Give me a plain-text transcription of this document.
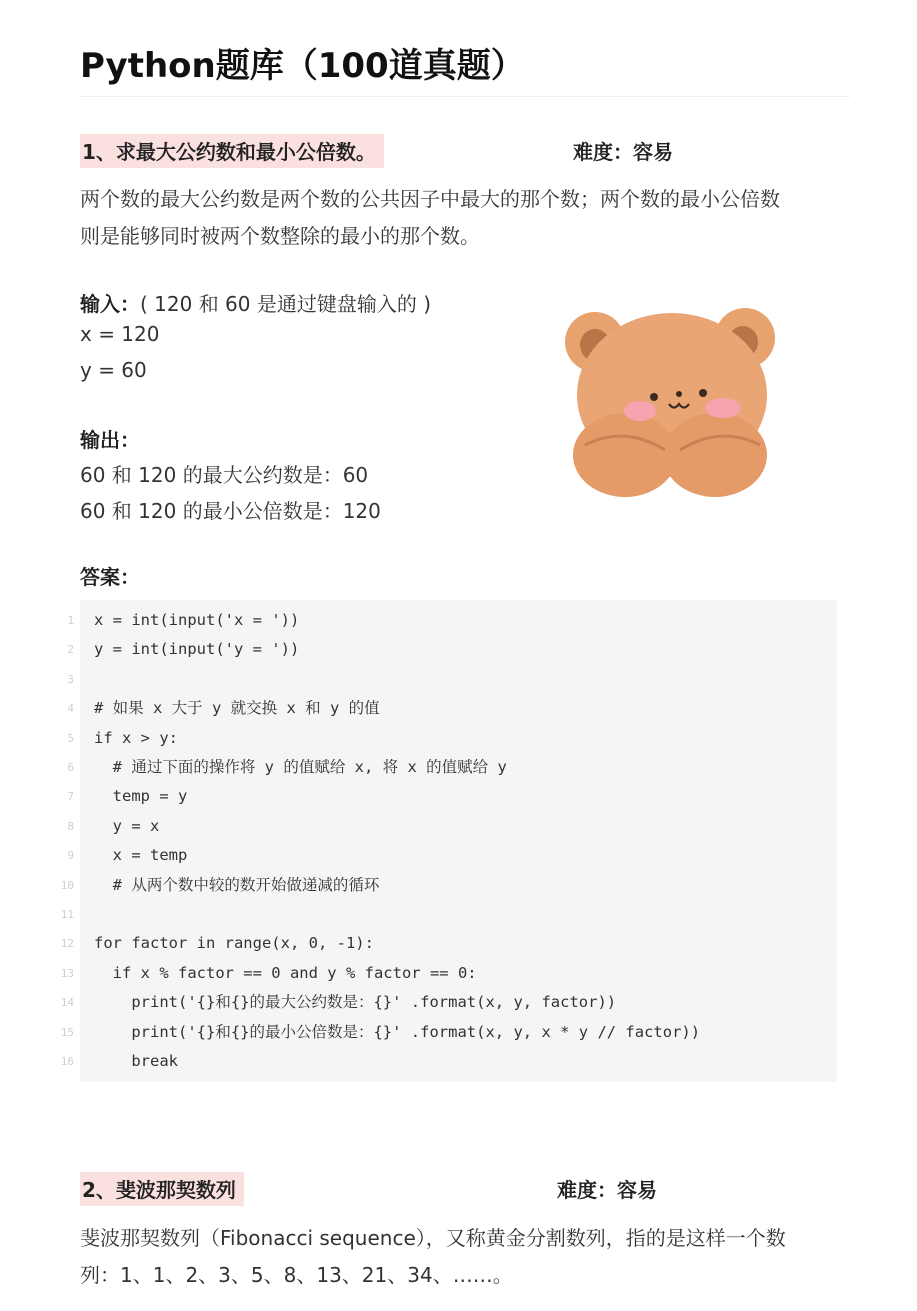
Python题库（100道真题）
1、求最大公约数和最小公倍数。	难度：容易
两个数的最大公约数是两个数的公共因子中最大的那个数；两个数的最小公倍数
则是能够同时被两个数整除的最小的那个数。
输入：( 120 和 60 是通过键盘输入的 )
x = 120
y = 60
输出：
60 和 120 的最大公约数是：60
60 和 120 的最小公倍数是：120
答案：
1 x = int(input('x = '))
2 y = int(input('y = '))
3
4 # 如果 x 大于 y 就交换 x 和 y 的值
5 if x > y:
6 # 通过下面的操作将 y 的值赋给 x, 将 x 的值赋给 y
7 temp = y
8 y = x
9 x = temp
10 # 从两个数中较的数开始做递减的循环
11
12 for factor in range(x, 0, -1):
13 if x % factor == 0 and y % factor == 0:
14 print('{}和{}的最大公约数是：{}' .format(x, y, factor))
15 print('{}和{}的最小公倍数是：{}' .format(x, y, x * y // factor))
16 break
2、斐波那契数列	难度：容易
斐波那契数列（Fibonacci sequence），又称黄金分割数列，指的是这样一个数
列：1、1、2、3、5、8、13、21、34、……。
